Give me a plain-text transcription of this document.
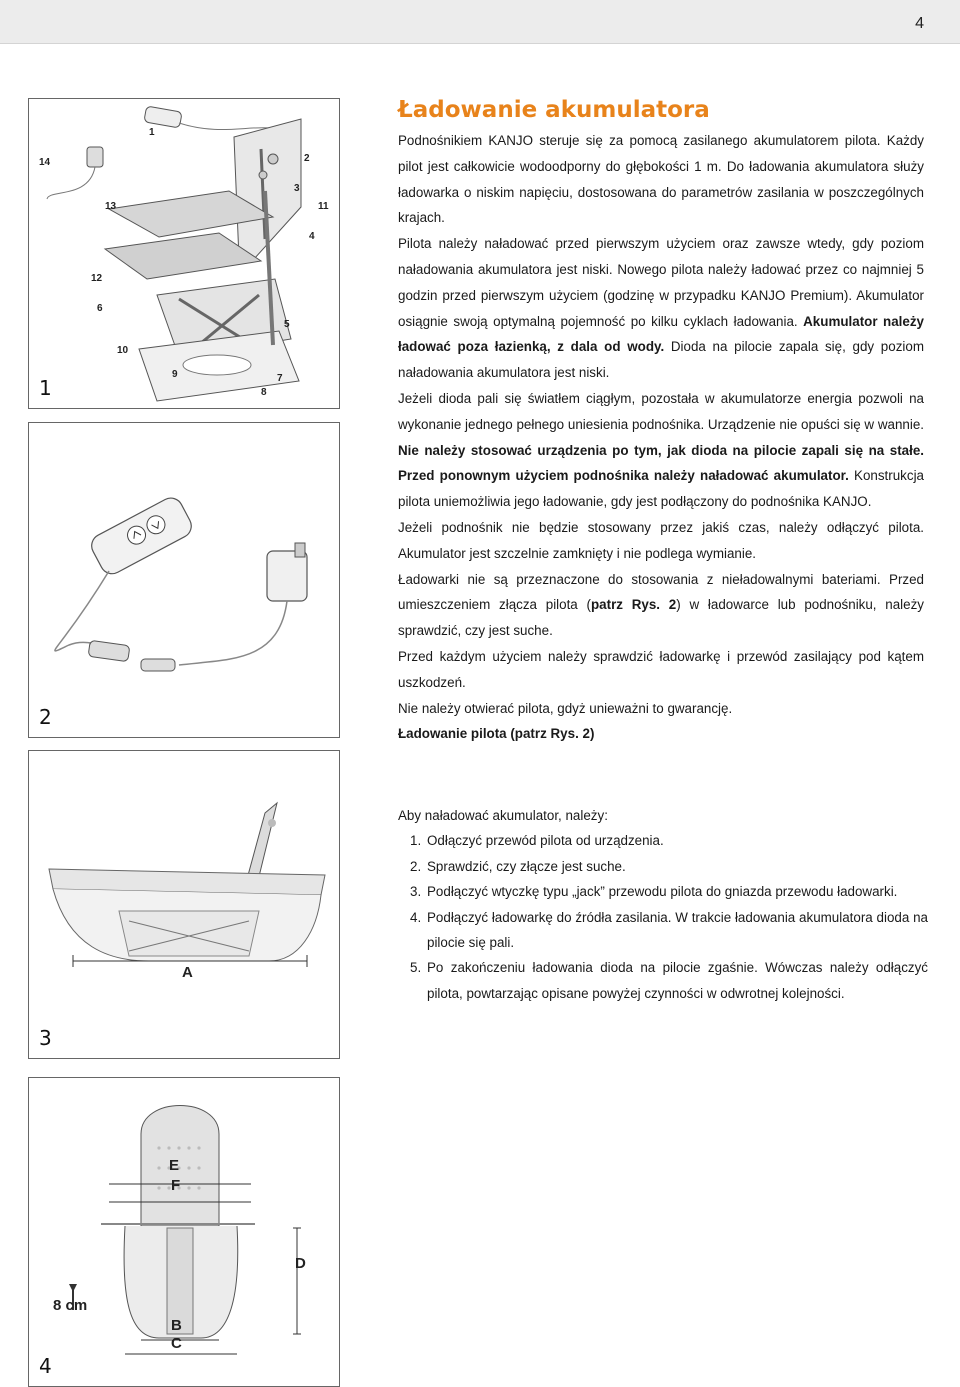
4
1
2
3
4
5
6
7
8
9
10
11
12
13
14
1
2
A
3
E
F
D
8 cm
B
C
4
Ładowanie akumulatora

Podnośnikiem KANJO steruje się za pomocą zasilanego akumulatorem pilota. Każdy pilot jest całkowicie wodoodporny do głębokości 1 m. Do ładowania akumulatora służy ładowarka o niskim napięciu, dostosowana do parametrów zasilania w poszczególnych krajach.

Pilota należy naładować przed pierwszym użyciem oraz zawsze wtedy, gdy poziom naładowania akumulatora jest niski. Nowego pilota należy ładować przez co najmniej 5 godzin przed pierwszym użyciem (godzinę w przypadku KANJO Premium). Akumulator osiągnie swoją optymalną pojemność po kilku cyklach ładowania. Akumulator należy ładować poza łazienką, z dala od wody. Dioda na pilocie zapala się, gdy poziom naładowania akumulatora jest niski.

Jeżeli dioda pali się światłem ciągłym, pozostała w akumulatorze energia pozwoli na wykonanie jednego pełnego uniesienia podnośnika. Urządzenie nie opuści się w wannie. Nie należy stosować urządzenia po tym, jak dioda na pilocie zapali się na stałe. Przed ponownym użyciem podnośnika należy naładować akumulator. Konstrukcja pilota uniemożliwia jego ładowanie, gdy jest podłączony do podnośnika KANJO.

Jeżeli podnośnik nie będzie stosowany przez jakiś czas, należy odłączyć pilota. Akumulator jest szczelnie zamknięty i nie podlega wymianie.

Ładowarki nie są przeznaczone do stosowania z nieładowalnymi bateriami. Przed umieszczeniem złącza pilota (patrz Rys. 2) w ładowarce lub podnośniku, należy sprawdzić, czy jest suche.

Przed każdym użyciem należy sprawdzić ładowarkę i przewód zasilający pod kątem uszkodzeń.

Nie należy otwierać pilota, gdyż unieważni to gwarancję.

Ładowanie pilota (patrz Rys. 2)

Aby naładować akumulator, należy:

1. Odłączyć przewód pilota od urządzenia.
2. Sprawdzić, czy złącze jest suche.
3. Podłączyć wtyczkę typu „jack” przewodu pilota do gniazda przewodu ładowarki.
4. Podłączyć ładowarkę do źródła zasilania. W trakcie ładowania akumulatora dioda na pilocie się pali.
5. Po zakończeniu ładowania dioda na pilocie zgaśnie. Wówczas należy odłączyć pilota, powtarzając opisane powyżej czynności w odwrotnej kolejności.
